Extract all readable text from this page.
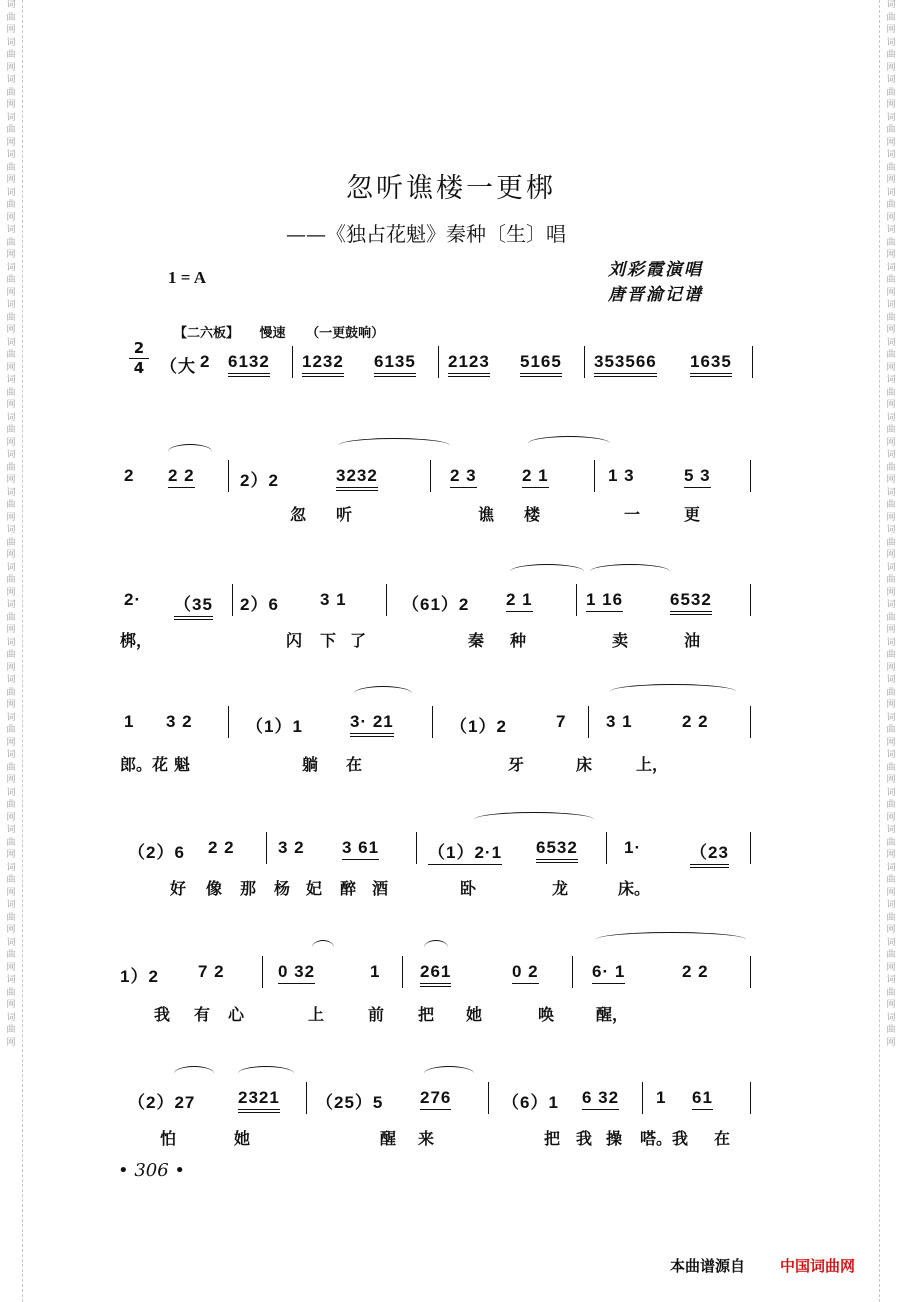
词
曲
网
词
曲
网
词
曲
网
词
曲
网
词
曲
网
词
曲
网
词
曲
网
词
曲
网
词
曲
网
词
曲
网
词
曲
网
词
曲
网
词
曲
网
词
曲
网
词
曲
网
词
曲
网
词
曲
网
词
曲
网
词
曲
网
词
曲
网
词
曲
网
词
曲
网
词
曲
网
词
曲
网
词
曲
网
词
曲
网
词
曲
网
词
曲
网
词
曲
网
词
曲
网
词
曲
网
词
曲
网
词
曲
网
词
曲
网
词
曲
网
词
曲
网
词
曲
网
词
曲
网
词
曲
网
词
曲
网
词
曲
网
词
曲
网
词
曲
网
词
曲
网
词
曲
网
词
曲
网
词
曲
网
词
曲
网
词
曲
网
词
曲
网
词
曲
网
词
曲
网
词
曲
网
词
曲
网
词
曲
网
词
曲
网
忽听谯楼一更梆
——《独占花魁》秦种〔生〕唱
1 = A	刘彩霞演唱
唐晋渝记谱
【二六板】 慢速 （一更鼓响）
2
4 （大 2 6132 1232 6135 2123 5165 353566 1635
2 2 2	2）2	3232	2 3	2 1	1 3	5 3
忽 听	谯 楼	一	更
2· （35 2）6 3 1	（61）2 2 1	1 16	6532
梆，	闪 下 了	秦 种	卖	油
1 3 2	（1）1	3· 21	（1）2	7 3 1	2 2
郎。花 魁	躺 在	牙	床	上，
（2）6 2 2	3 2 3 61	（1）2·1 6532	1·	（23
好 像 那 杨 妃 醉 酒	卧	龙	床。
1）2 7 2	0 32	1 261	0 2	6· 1	2 2
我 有 心	上	前 把 她	唤	醒，
（2）27	2321 （25）5 276	（6）1 6 32 1 61
怕	她	醒 来	把 我 操 嗒。我 在
• 306 •
本曲谱源自 中国词曲网
